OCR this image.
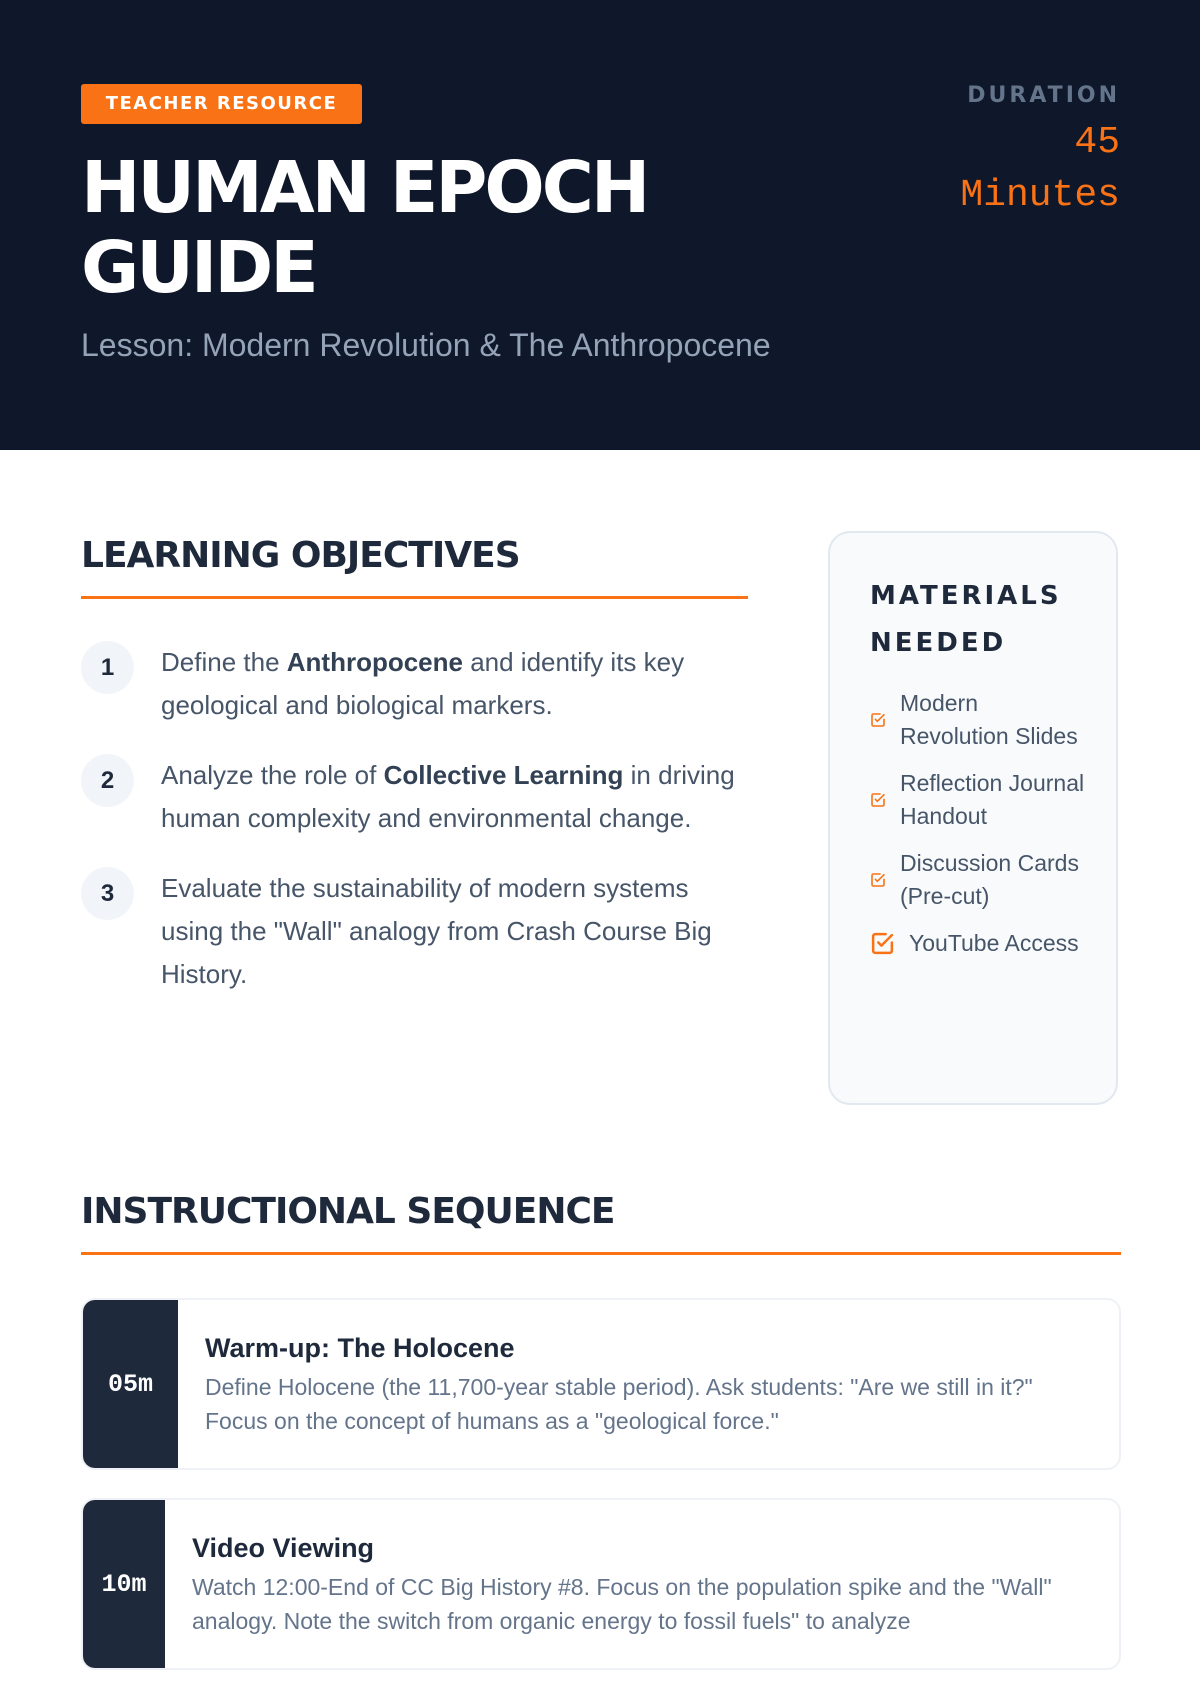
TEACHER RESOURCE
HUMAN EPOCH GUIDE
Lesson: Modern Revolution & The Anthropocene
DURATION
45 Minutes
LEARNING OBJECTIVES
1	Define the Anthropocene and identify its key geological and biological markers.
2	Analyze the role of Collective Learning in driving human complexity and environmental change.
3	Evaluate the sustainability of modern systems using the "Wall" analogy from Crash Course Big History.
MATERIALS NEEDED
Modern Revolution Slides
Reflection Journal Handout
Discussion Cards (Pre-cut)
YouTube Access
INSTRUCTIONAL SEQUENCE
05m
Warm-up: The Holocene
Define Holocene (the 11,700-year stable period). Ask students: "Are we still in it?" Focus on the concept of humans as a "geological force."
10m
Video Viewing
Watch 12:00-End of CC Big History #8. Focus on the population spike and the "Wall" analogy. Note the switch from organic energy to fossil fuels" to analyze
